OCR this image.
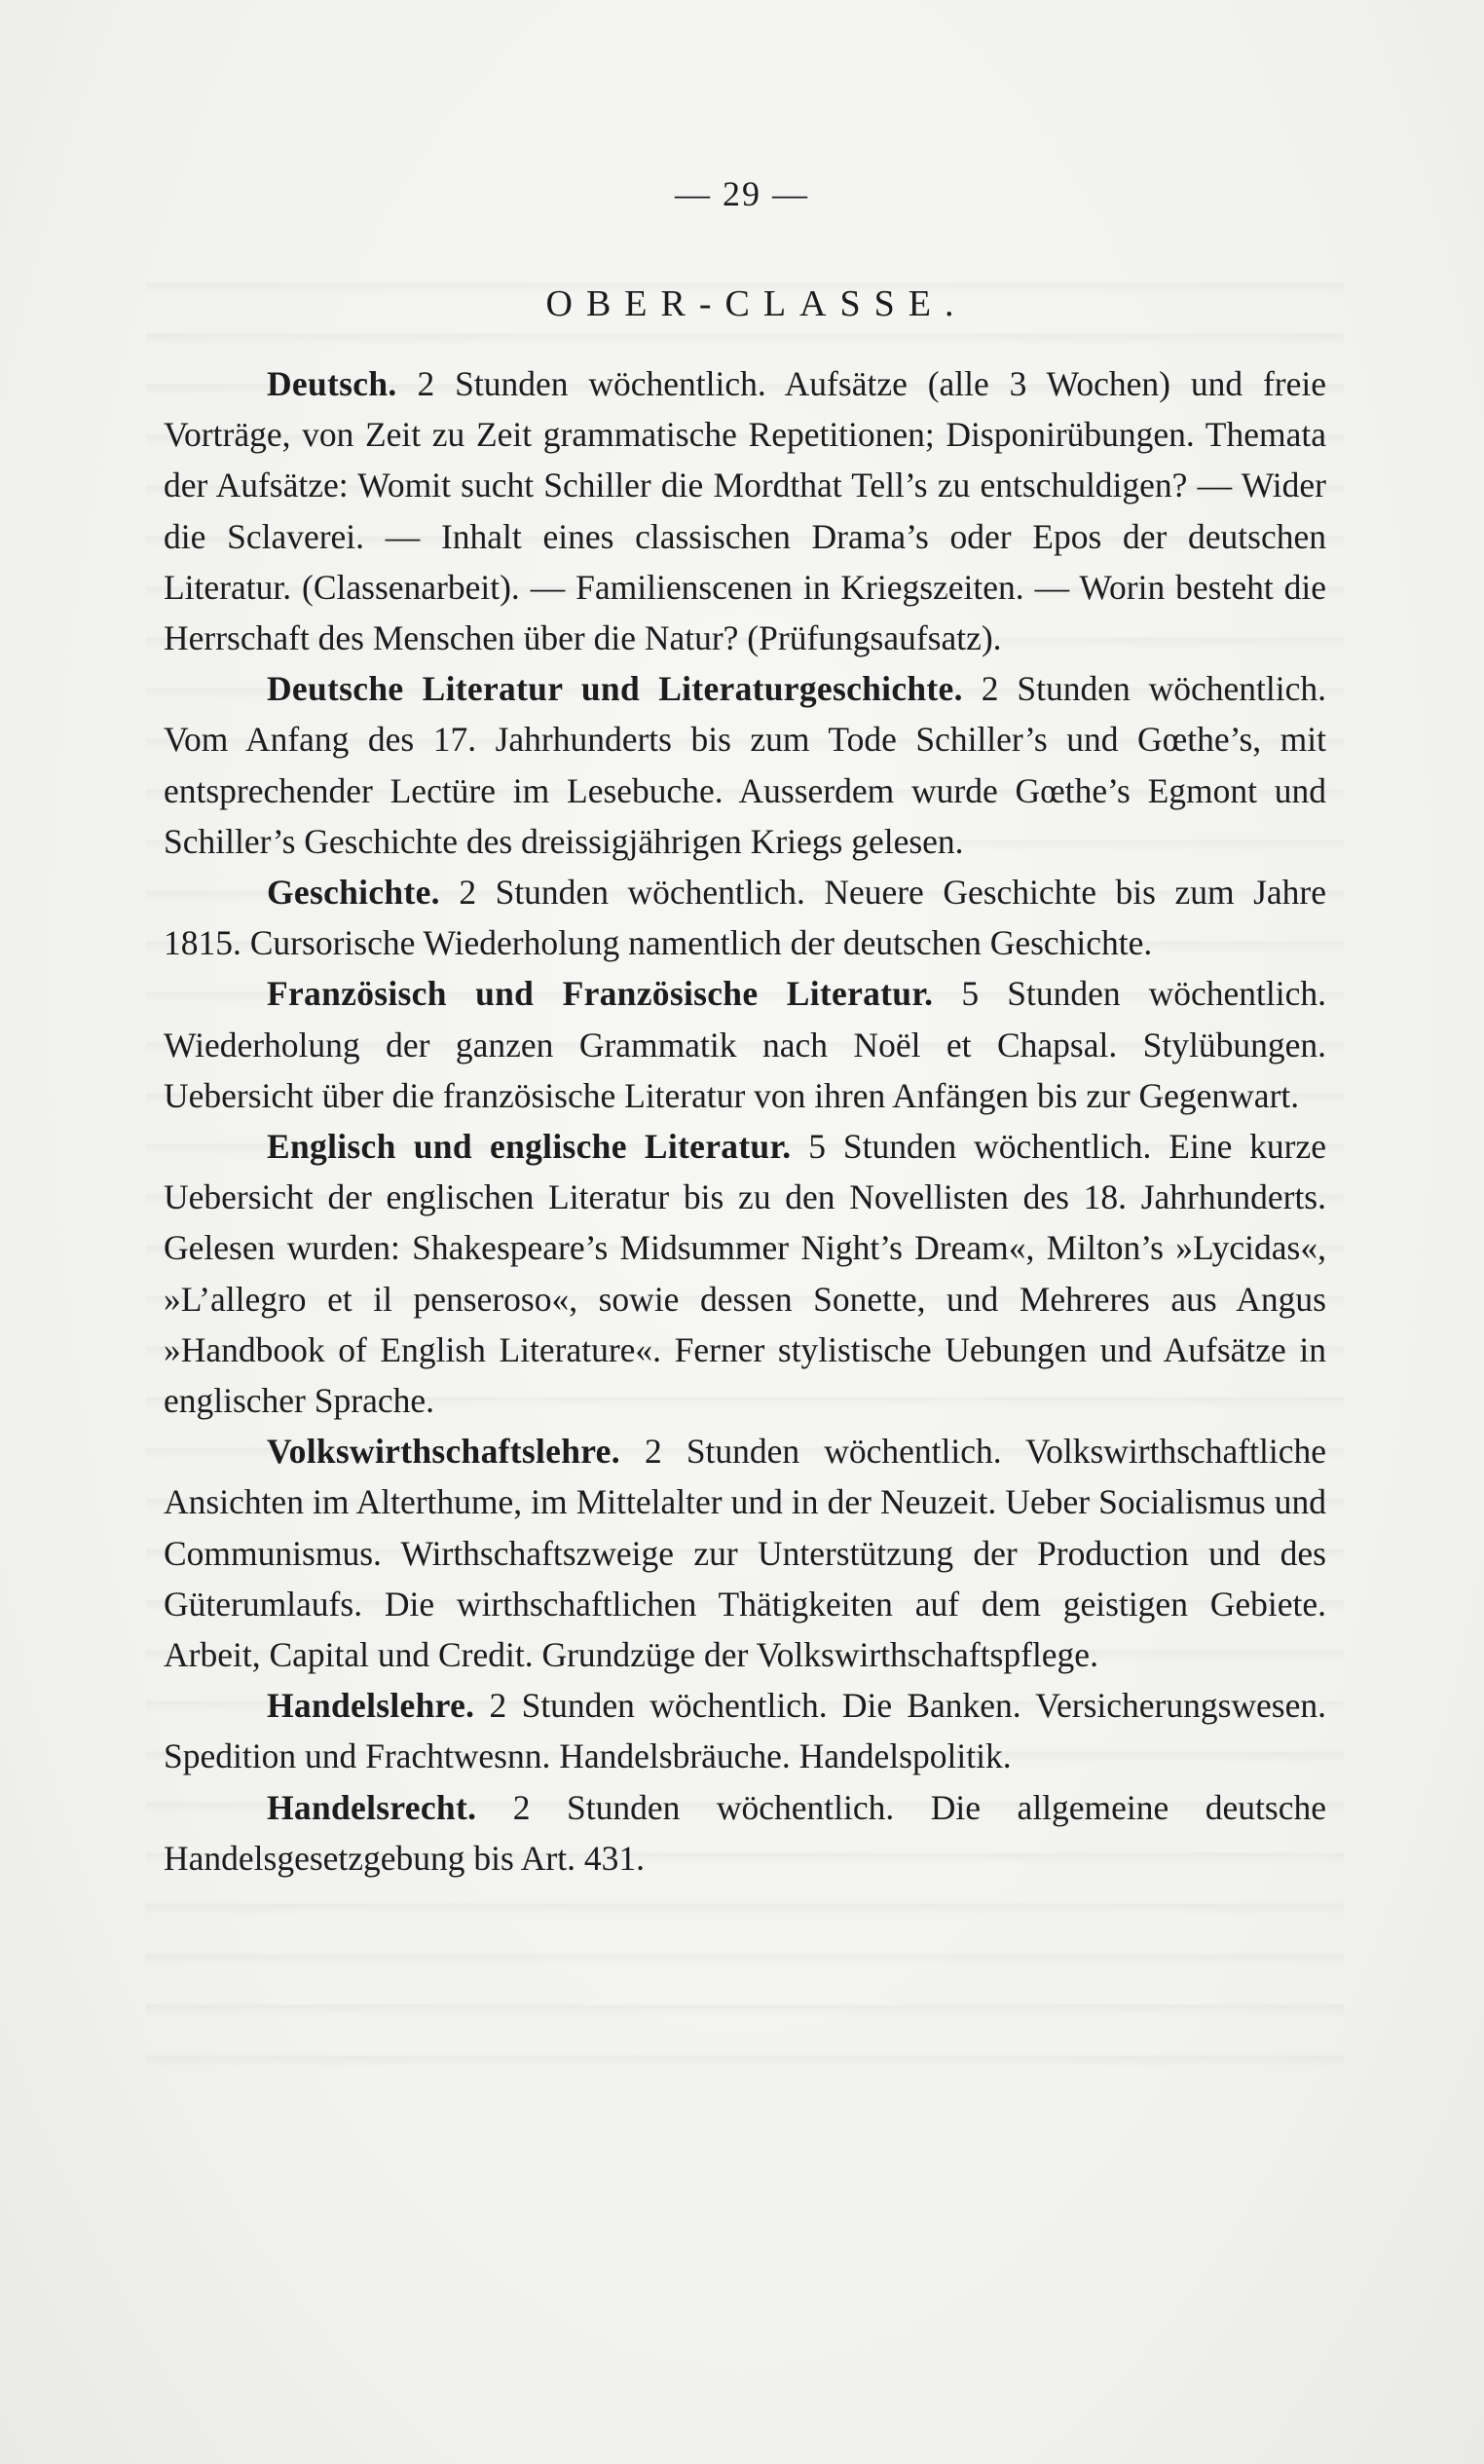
— 29 —
OBER-CLASSE.

Deutsch. 2 Stunden wöchentlich. Aufsätze (alle 3 Wochen) und freie Vorträge, von Zeit zu Zeit grammatische Repetitionen; Disponirübungen. Themata der Aufsätze: Womit sucht Schiller die Mordthat Tell’s zu entschuldigen? — Wider die Sclaverei. — Inhalt eines classischen Drama’s oder Epos der deutschen Literatur. (Classenarbeit). — Familienscenen in Kriegszeiten. — Worin besteht die Herrschaft des Menschen über die Natur? (Prüfungsaufsatz).

Deutsche Literatur und Literaturgeschichte. 2 Stunden wöchentlich. Vom Anfang des 17. Jahrhunderts bis zum Tode Schiller’s und Gœthe’s, mit entsprechender Lectüre im Lesebuche. Ausserdem wurde Gœthe’s Egmont und Schiller’s Geschichte des dreissigjährigen Kriegs gelesen.

Geschichte. 2 Stunden wöchentlich. Neuere Geschichte bis zum Jahre 1815. Cursorische Wiederholung namentlich der deutschen Geschichte.

Französisch und Französische Literatur. 5 Stunden wöchentlich. Wiederholung der ganzen Grammatik nach Noël et Chapsal. Stylübungen. Uebersicht über die französische Literatur von ihren Anfängen bis zur Gegenwart.

Englisch und englische Literatur. 5 Stunden wöchentlich. Eine kurze Uebersicht der englischen Literatur bis zu den Novellisten des 18. Jahrhunderts. Gelesen wurden: Shakespeare’s Midsummer Night’s Dream«, Milton’s »Lycidas«, »L’allegro et il penseroso«, sowie dessen Sonette, und Mehreres aus Angus »Handbook of English Literature«. Ferner stylistische Uebungen und Aufsätze in englischer Sprache.

Volkswirthschaftslehre. 2 Stunden wöchentlich. Volkswirthschaftliche Ansichten im Alterthume, im Mittelalter und in der Neuzeit. Ueber Socialismus und Communismus. Wirthschaftszweige zur Unterstützung der Production und des Güterumlaufs. Die wirthschaftlichen Thätigkeiten auf dem geistigen Gebiete. Arbeit, Capital und Credit. Grundzüge der Volkswirthschaftspflege.

Handelslehre. 2 Stunden wöchentlich. Die Banken. Versicherungswesen. Spedition und Frachtwesnn. Handelsbräuche. Handelspolitik.

Handelsrecht. 2 Stunden wöchentlich. Die allgemeine deutsche Handelsgesetzgebung bis Art. 431.
